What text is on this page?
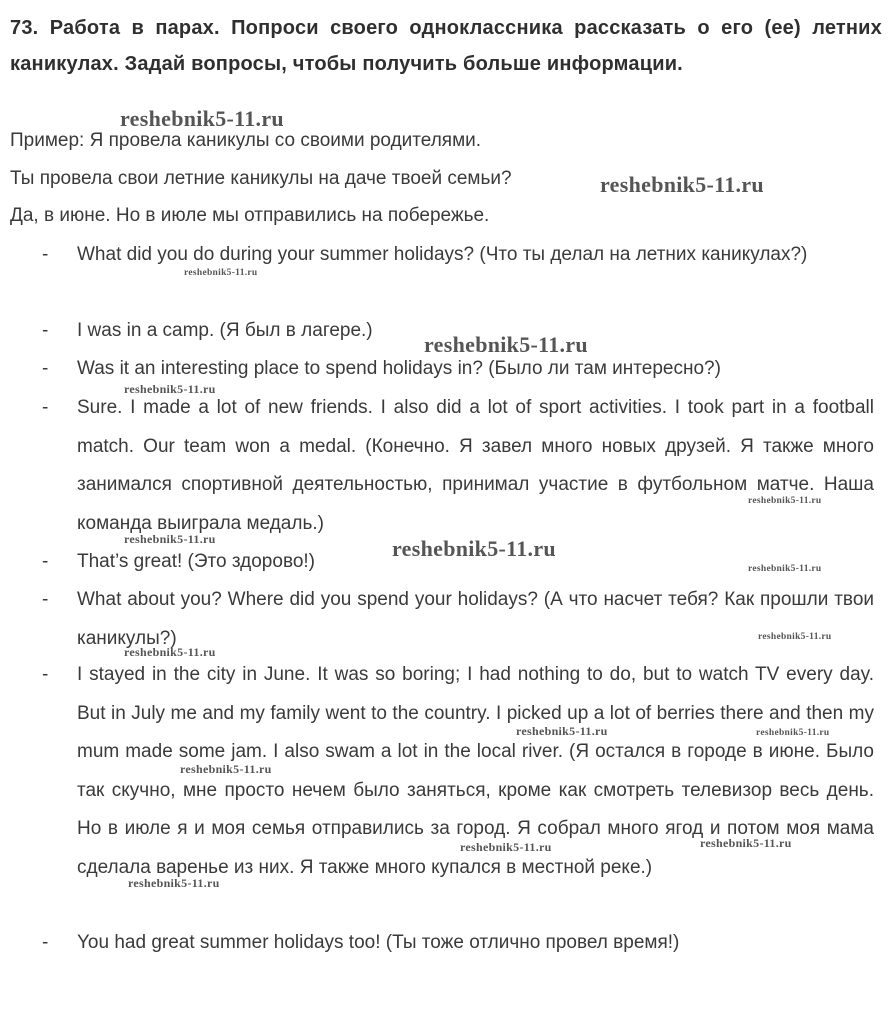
73. Работа в парах. Попроси своего одноклассника рассказать о его (ее) летних каникулах. Задай вопросы, чтобы получить больше информации.
Пример: Я провела каникулы со своими родителями.
Ты провела свои летние каникулы на даче твоей семьи?
Да, в июне. Но в июле мы отправились на побережье.
- What did you do during your summer holidays? (Что ты делал на летних каникулах?)
- I was in a camp. (Я был в лагере.)
- Was it an interesting place to spend holidays in? (Было ли там интересно?)
- Sure. I made a lot of new friends. I also did a lot of sport activities. I took part in a football match. Our team won a medal. (Конечно. Я завел много новых друзей. Я также много занимался спортивной деятельностью, принимал участие в футбольном матче. Наша команда выиграла медаль.)
- That’s great! (Это здорово!)
- What about you? Where did you spend your holidays? (А что насчет тебя? Как прошли твои каникулы?)
- I stayed in the city in June. It was so boring; I had nothing to do, but to watch TV every day. But in July me and my family went to the country. I picked up a lot of berries there and then my mum made some jam. I also swam a lot in the local river. (Я остался в городе в июне. Было так скучно, мне просто нечем было заняться, кроме как смотреть телевизор весь день. Но в июле я и моя семья отправились за город. Я собрал много ягод и потом моя мама сделала варенье из них. Я также много купался в местной реке.)
- You had great summer holidays too! (Ты тоже отлично провел время!)
reshebnik5-11.ru
reshebnik5-11.ru
reshebnik5-11.ru
reshebnik5-11.ru
reshebnik5-11.ru
reshebnik5-11.ru
reshebnik5-11.ru	reshebnik5-11.ru
reshebnik5-11.ru
reshebnik5-11.ru
reshebnik5-11.ru
reshebnik5-11.ru	reshebnik5-11.ru
reshebnik5-11.ru
reshebnik5-11.ru	reshebnik5-11.ru
reshebnik5-11.ru
